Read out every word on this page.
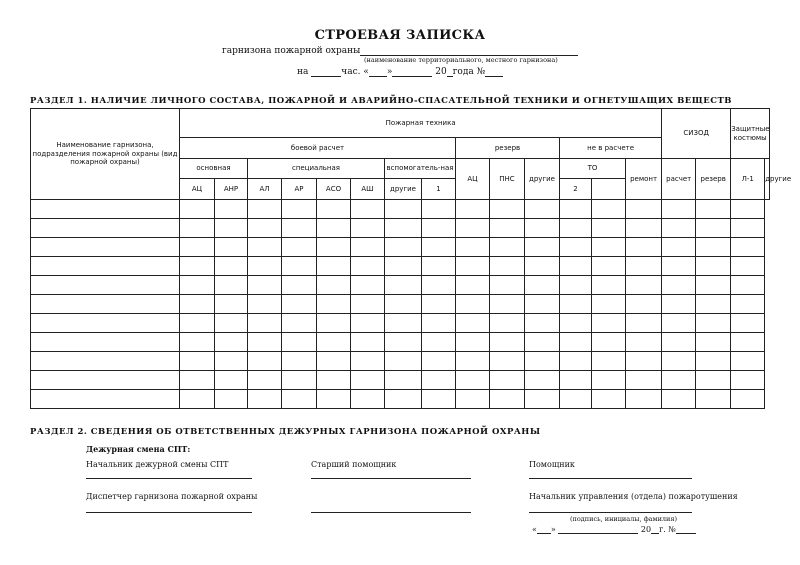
СТРОЕВАЯ ЗАПИСКА
гарнизона пожарной охраны
(наименование территориального, местного гарнизона)
на	час. « »	20 года №
РАЗДЕЛ 1. НАЛИЧИЕ ЛИЧНОГО СОСТАВА, ПОЖАРНОЙ И АВАРИЙНО-СПАСАТЕЛЬНОЙ ТЕХНИКИ И ОГНЕТУШАЩИХ ВЕЩЕСТВ
Наименование гарнизона, подразделения пожарной охраны (вид пожарной охраны)	Пожарная техника														СИЗОД		Защитные костюмы	
	боевой расчет								резерв			не в расчете						
	основная		специальная				вспомогатель-ная		АЦ	ПНС	другие	ТО		ремонт	расчет	резерв	Л-1	другие
	АЦ	АНР	АЛ	АР	АСО	АШ	другие	1				2						

РАЗДЕЛ 2. СВЕДЕНИЯ ОБ ОТВЕТСТВЕННЫХ ДЕЖУРНЫХ ГАРНИЗОНА ПОЖАРНОЙ ОХРАНЫ
Дежурная смена СПТ:
Начальник дежурной смены СПТ	Старший помощник	Помощник
Диспетчер гарнизона пожарной охраны	Начальник управления (отдела) пожаротушения
(подпись, инициалы, фамилия)
« »	20 г. №
